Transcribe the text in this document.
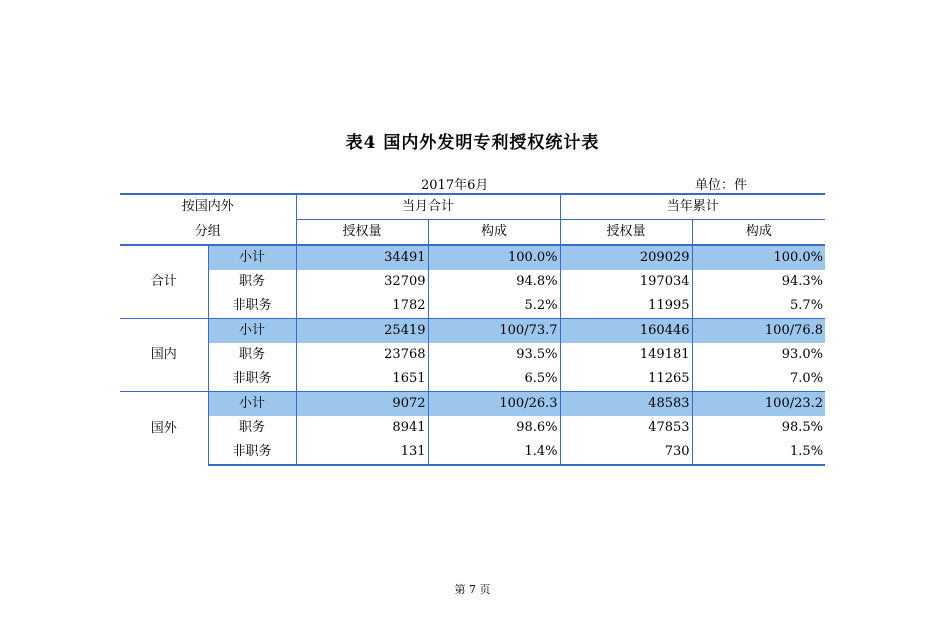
表4 国内外发明专利授权统计表
2017年6月	单位：件
按国内外		当月合计		当年累计	
分组		授权量	构成	授权量	构成
合计	小计	34491	100.0%	209029	100.0%
	职务	32709	94.8%	197034	94.3%
	非职务	1782	5.2%	11995	5.7%
国内	小计	25419	100/73.7	160446	100/76.8
	职务	23768	93.5%	149181	93.0%
	非职务	1651	6.5%	11265	7.0%
国外	小计	9072	100/26.3	48583	100/23.2
	职务	8941	98.6%	47853	98.5%
	非职务	131	1.4%	730	1.5%
第 7 页
